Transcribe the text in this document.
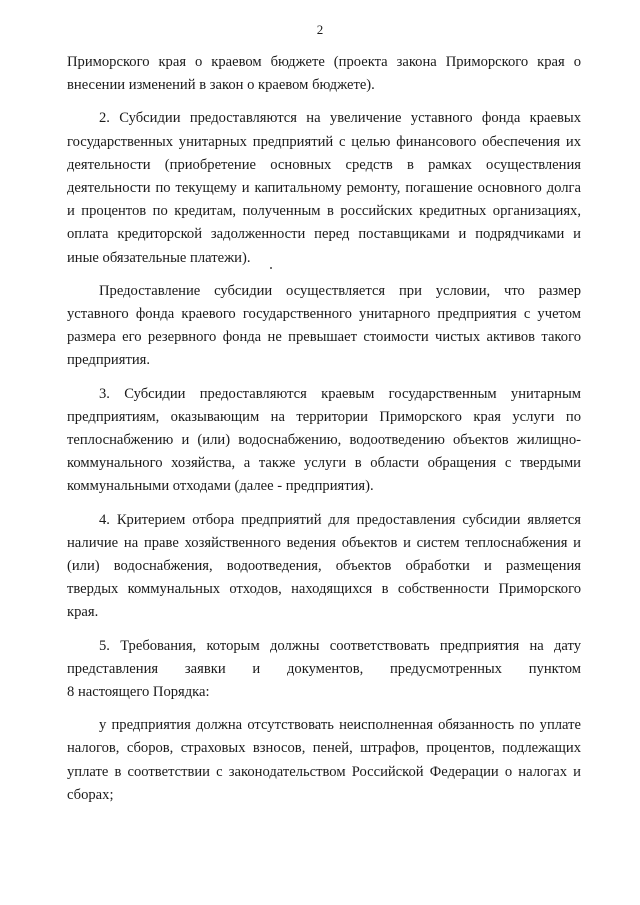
2

Приморского края о краевом бюджете (проекта закона Приморского края о
внесении изменений в закон о краевом бюджете).

2. Субсидии предоставляются на увеличение уставного фонда краевых
государственных унитарных предприятий с целью финансового обеспечения их
деятельности (приобретение основных средств в рамках осуществления
деятельности по текущему и капитальному ремонту, погашение основного долга
и процентов по кредитам, полученным в российских кредитных организациях,
оплата кредиторской задолженности перед поставщиками и подрядчиками и
иные обязательные платежи).

Предоставление субсидии осуществляется при условии, что размер
уставного фонда краевого государственного унитарного предприятия с учетом
размера его резервного фонда не превышает стоимости чистых активов такого
предприятия.

3. Субсидии предоставляются краевым государственным унитарным
предприятиям, оказывающим на территории Приморского края услуги по
теплоснабжению и (или) водоснабжению, водоотведению объектов жилищно-
коммунального хозяйства, а также услуги в области обращения с твердыми
коммунальными отходами (далее - предприятия).

4. Критерием отбора предприятий для предоставления субсидии является
наличие на праве хозяйственного ведения объектов и систем теплоснабжения и
(или) водоснабжения, водоотведения, объектов обработки и размещения
твердых коммунальных отходов, находящихся в собственности Приморского
края.

5. Требования, которым должны соответствовать предприятия на дату
представления заявки и документов, предусмотренных пунктом
8 настоящего Порядка:

у предприятия должна отсутствовать неисполненная обязанность по уплате
налогов, сборов, страховых взносов, пеней, штрафов, процентов, подлежащих
уплате в соответствии с законодательством Российской Федерации о налогах и
сборах;
